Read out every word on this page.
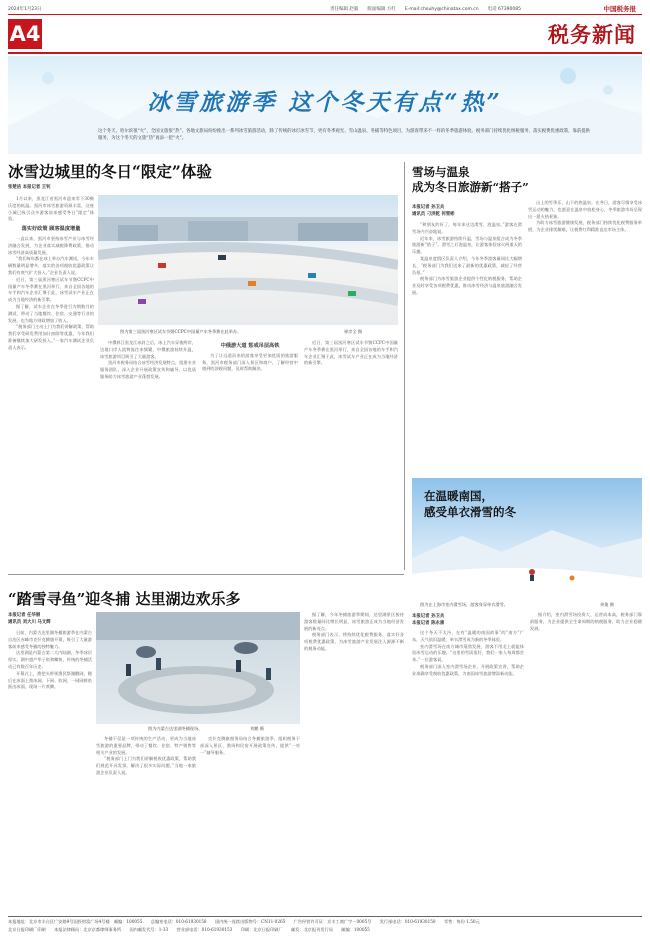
2024年1月23日	责任编辑 赵毅　　版面编辑 方红　　E-mail:chouhy@chinatax.com.cn　　电话 67390085	中国税务报
A4	税务新闻
冰雪旅游季 这个冬天有点“热”
这个冬天，哈尔滨很“火”，全国文旅很“热”。各地文旅局纷纷推出一系列冰雪旅游活动，除了传统的冰灯冰雪节，更有冬季观光、雪山温泉、冬捕等特色项目，为游客带来不一样的冬季旅游体验。税务部门持续优化纳税服务，落实税费优惠政策，靠前提供服务，为这个冬天的文旅“热”再添一把“火”。
冰雪边城里的冬日“限定”体验
张楚洁 本报记者 王钊
图为第三届黑河寒区试车节暨CCPC中国量产车冬季赛在此举办。	崔彦全 摄

1月以来，黑龙江省黑河市迎来零下30摄氏度的低温。黑河市冰雪旅游资源丰富，这座小城已吸引众多游客前来感受冬日“限定”体验。

落实好政策 顾客温度增量

一直以来，黑河市坚持冰雪产业与冰雪经济融合发展，为企业落实减税降费政策，推动冰雪经济高质量发展。

“我们每年都在冰上举办汽车测试，今年车辆数量明显增多，落实的各项税收优惠政策让我们有底气扩大投入。”企业负责人说。

近日，第三届黑河寒区试车节暨CCPC中国量产车冬季赛在黑河举行，来自全国各地的车手和汽车企业汇聚于此，冰雪试车产业正在成为当地经济的新引擎。

据了解，试车企业在冬季进行为期数月的测试，带动了当地餐饮、住宿、交通等行业的发展，也为地方财政增加了收入。

“税务部门主动上门为我们讲解政策，帮助我们享受研发费用加计扣除等优惠，今年我们准备继续加大研发投入。”一家汽车测试企业负责人表示。

中俄界江黑龙江冰封之后，冰上汽车穿梭两岸，边境口岸人流物流往来频繁，中俄旅游持续升温，冰雪旅游项目吸引了大量游客。

黑河市税务局结合冰雪经济发展特点，组建专业服务团队，深入企业开展政策宣传和辅导，以优质服务助力冰雪旅游产业蓬勃发展。

中俄游大道 惩戒吊层高铁

为了让远道而来的游客享受更加优质的旅游服务，黑河市税务部门深入景区和商户，了解经营中遇到的涉税问题，及时帮助解决。

近日，第三届黑河寒区试车节暨CCPC中国量产车冬季赛在黑河举行，来自全国各地的车手和汽车企业汇聚于此，冰雪试车产业正在成为当地经济的新引擎。

雪场与温泉
成为冬日旅游新“搭子”
本报记者 孙卫兵
通讯员 刁洪乾 何雪彬

“和朋友约好了，每年来这边滑雪、泡温泉。”游客在滑雪场内兴奋地说。

近年来，冰雪旅游持续升温，雪场与温泉组合成为冬季旅游新“搭子”。滑雪之后泡温泉，让游客体验冰火两重天的乐趣。

某温泉度假区负责人介绍，今年冬季游客量同比大幅增长，“税务部门为我们送来了最新的优惠政策，减轻了经营负担。”

税务部门为冰雪旅游企业提供个性化纳税服务，帮助企业及时享受各项税费优惠，推动冰雪经济与温泉旅游融合发展。

山上的雪季乐，山下的热温泉。在冬日，游客尽情享受冰雪运动的魅力，也愿意在温泉中放松身心，冬季旅游市场呈现出一派火热景象。

为助力冰雪旅游健康发展，税务部门持续优化税费服务举措，为企业排忧解难，让税费红利精准直达市场主体。

在温暖南国，
感受单衣滑雪的冬
图为在上海市室内滑雪场，游客身穿单衣滑雪。	余俊 摄
本报记者 孙卫兵
本报记者 陈永康

这个冬天不太冷，在有“温暖的南国故事”的“南方”广东，天气依旧温暖，单衣滑雪成为新的冬季体验。

室内滑雪场在南方城市蓬勃发展，游客不用北上就能体验冰雪运动的乐趣。“这里的雪质很好，我们一家人每周都会来。”一位游客说。

税务部门深入室内滑雪场企业，开展政策宣讲，帮助企业准确享受税收优惠政策，为南国冰雪旅游增添新动能。

据介绍，室内滑雪场投资大、运营成本高，税务部门靠前服务，为企业提供全生命周期的纳税服务，助力企业稳健发展。

“踏雪寻鱼”迎冬捕 达里湖边欢乐多
本报记者 任华丽
通讯员 刘大川 马文辉
图为内蒙古达里湖冬捕现场。	刘鹏 摄

日前，内蒙古达里湖冬捕旅游季在内蒙古自治区赤峰市克什克腾旗开幕，吸引了大量游客前来感受冬捕的独特魅力。

达里湖是内蒙古第二大内陆湖，冬季冰层厚实，湖中盛产华子鱼和鲫鱼，传统的冬捕活动已有数百年历史。

开幕式上，渔把头带领渔民祭湖醒网，随后在冰面上凿冰洞、下网、收网，一网网鲜鱼跃出冰面，现场一片欢腾。

冬捕不仅是一项传统的生产活动，更成为当地冰雪旅游的重要品牌，带动了餐饮、住宿、特产销售等相关产业的发展。

“税务部门上门为我们讲解税收优惠政策，帮助我们规范开具发票，解决了很多实际问题。”当地一家旅游企业负责人说。

克什克腾旗税务局结合冬捕旅游季，组织税务干部深入景区、渔场和民宿开展政策宣传，提供“一对一”辅导服务。

据了解，今年冬捕旅游季期间，达里湖景区接待游客数量同比增长明显，冰雪旅游正成为当地经济发展的新亮点。

税务部门表示，将持续优化税费服务，落实好各项税费优惠政策，为冰雪旅游产业发展注入源源不断的税务动能。

本报地址：北京市丰台区广安路9号国投财富广场4号楼　邮编：100055　　总编室电话：010-61930158　　国内统一连续出版物号：CN11-0265　　广告经营许可证：京丰工商广字－0005号　　发行部电话：010-61930150　　零售：每份 1.50元
北京日报印刷厂印刷　　本报法律顾问：北京京都律师事务所　　国内邮发代号：1-33　　营业部电话：010-61930153　　印刷：北京日报印刷厂　　邮发：北京报刊发行局　　邮编：100055
